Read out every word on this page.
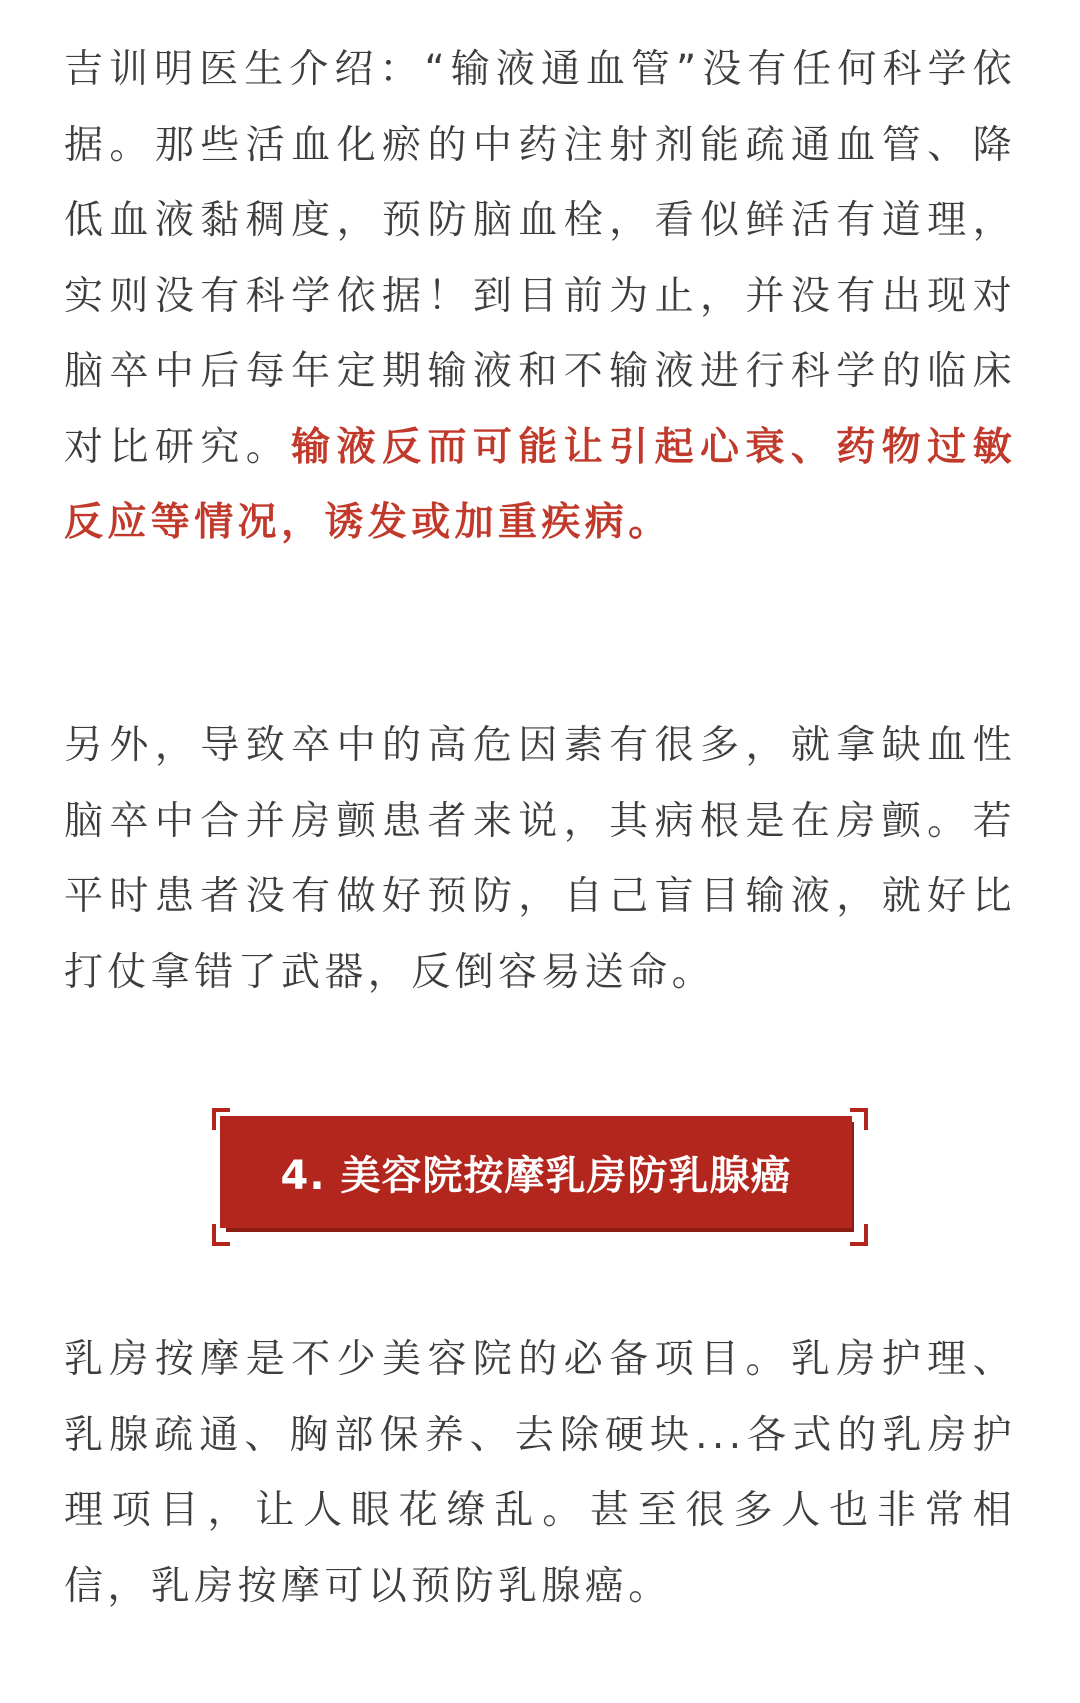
吉训明医生介绍：“输液通血管”没有任何科学依据。那些活血化瘀的中药注射剂能疏通血管、降低血液黏稠度，预防脑血栓，看似鲜活有道理，实则没有科学依据！到目前为止，并没有出现对脑卒中后每年定期输液和不输液进行科学的临床对比研究。输液反而可能让引起心衰、药物过敏反应等情况，诱发或加重疾病。

另外，导致卒中的高危因素有很多，就拿缺血性脑卒中合并房颤患者来说，其病根是在房颤。若平时患者没有做好预防，自己盲目输液，就好比打仗拿错了武器，反倒容易送命。

乳房按摩是不少美容院的必备项目。乳房护理、乳腺疏通、胸部保养、去除硬块...各式的乳房护理项目，让人眼花缭乱。甚至很多人也非常相信，乳房按摩可以预防乳腺癌。

4. 美容院按摩乳房防乳腺癌
